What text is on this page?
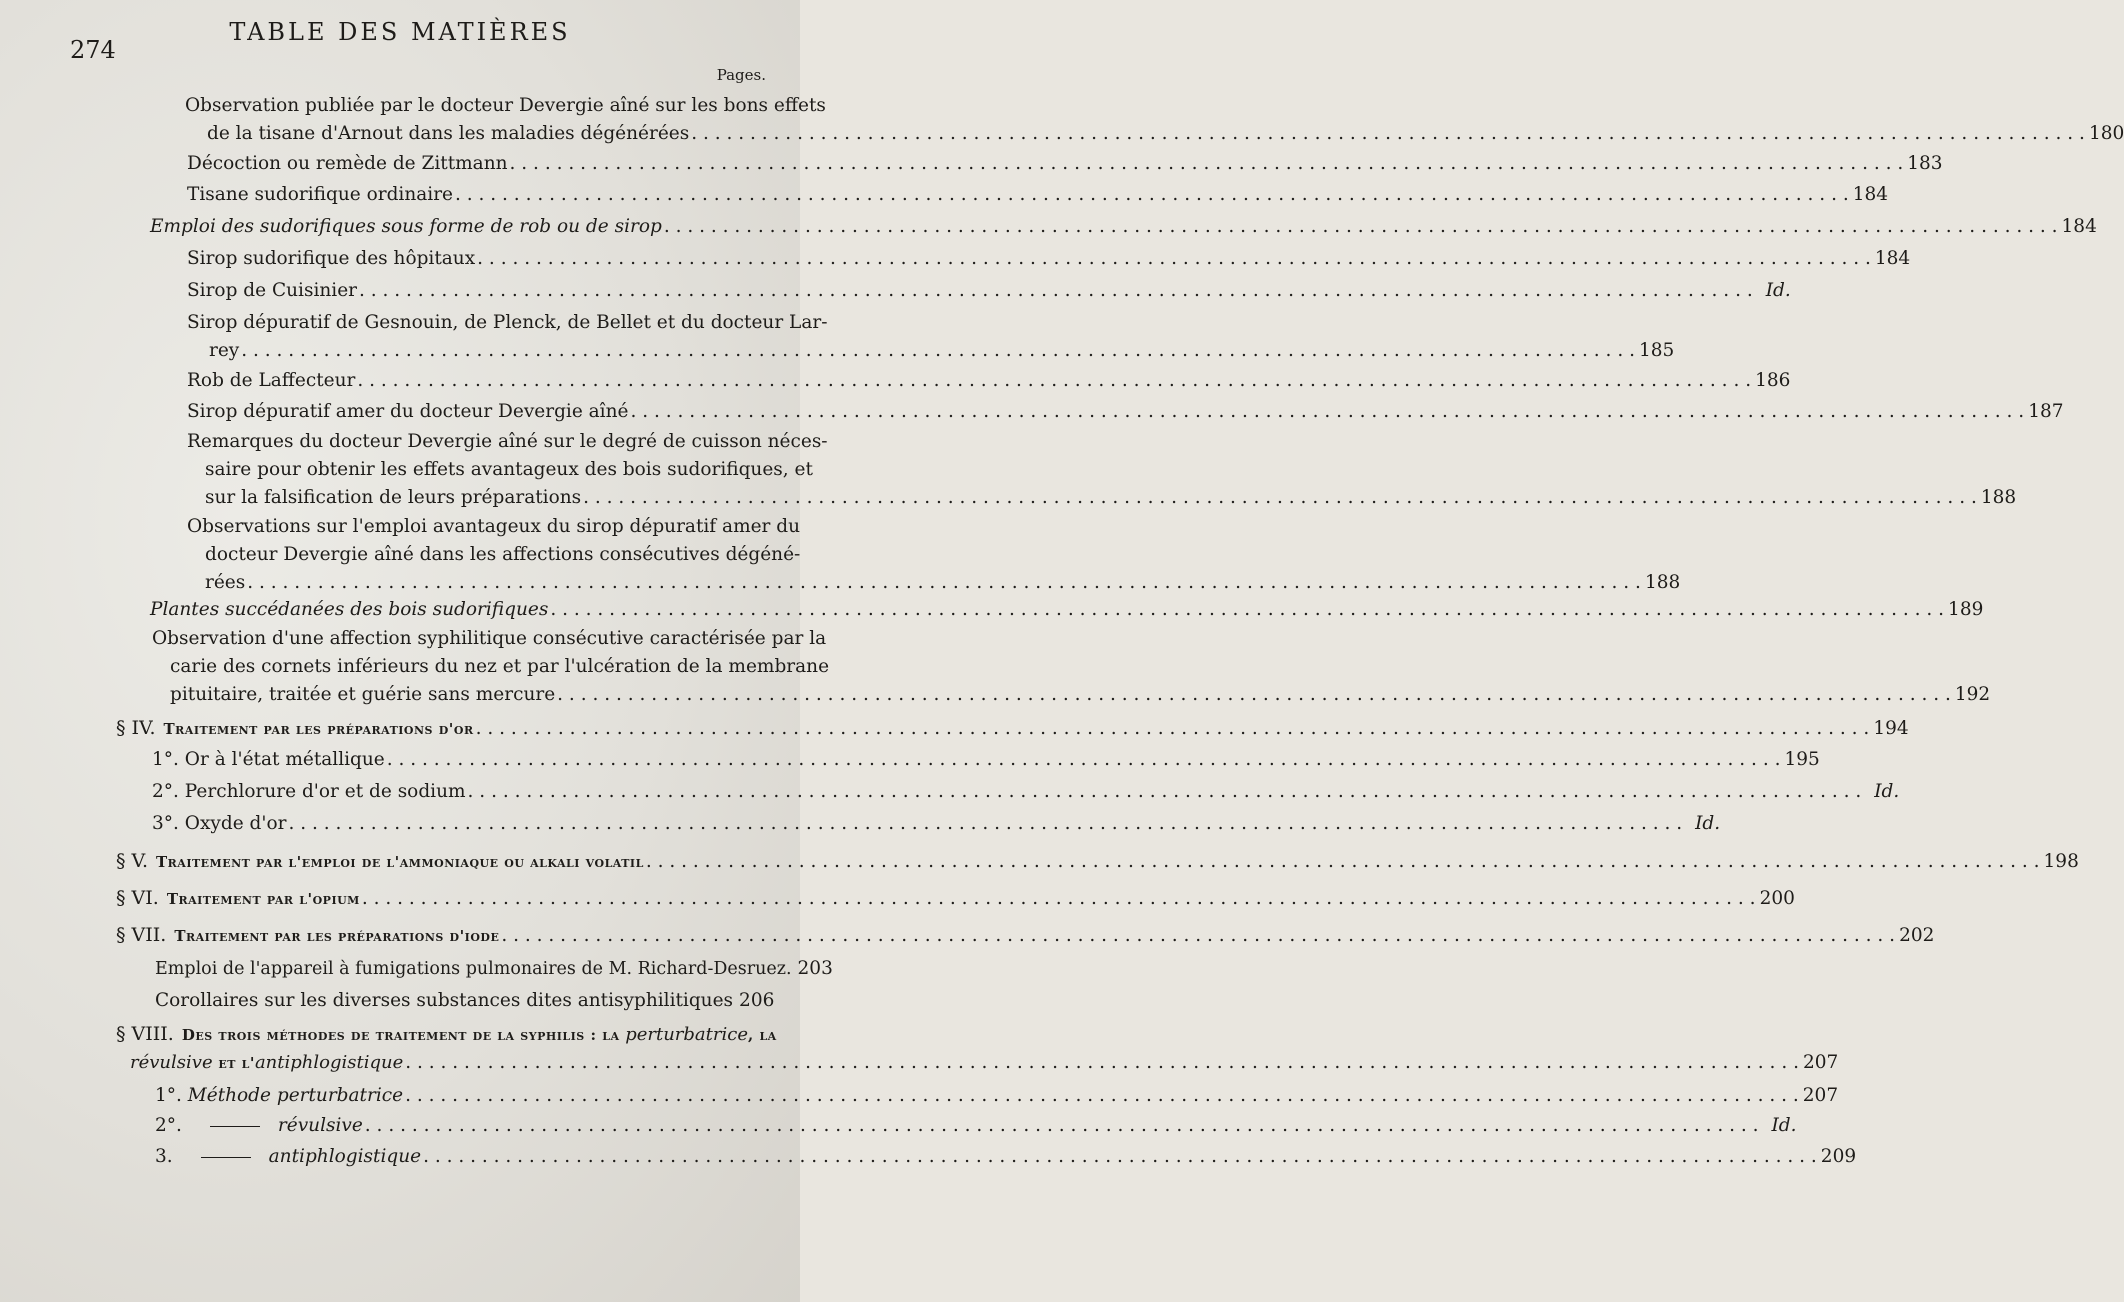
274
TABLE DES MATIÈRES
Pages.
Observation publiée par le docteur Devergie aîné sur les bons effets
de la tisane d'Arnout dans les maladies dégénérées . . .	180
Décoction ou remède de Zittmann . . .	183
Tisane sudorifique ordinaire . . .	184
Emploi des sudorifiques sous forme de rob ou de sirop . . .	184
Sirop sudorifique des hôpitaux . . .	184
Sirop de Cuisinier . . .	Id.
Sirop dépuratif de Gesnouin, de Plenck, de Bellet et du docteur Lar-
rey . . .	185
Rob de Laffecteur . . .	186
Sirop dépuratif amer du docteur Devergie aîné . . .	187
Remarques du docteur Devergie aîné sur le degré de cuisson néces-
saire pour obtenir les effets avantageux des bois sudorifiques, et
sur la falsification de leurs préparations . . .	188
Observations sur l'emploi avantageux du sirop dépuratif amer du
docteur Devergie aîné dans les affections consécutives dégéné-
rées . . .	188
Plantes succédanées des bois sudorifiques . . .	189
Observation d'une affection syphilitique consécutive caractérisée par la
carie des cornets inférieurs du nez et par l'ulcération de la membrane
pituitaire, traitée et guérie sans mercure . . .	192
§ IV. Traitement par les préparations d'or . . .	194
1°. Or à l'état métallique . . .	195
2°. Perchlorure d'or et de sodium . . .	Id.
3°. Oxyde d'or . . .	Id.
§ V. Traitement par l'emploi de l'ammoniaque ou alkali volatil . . .	198
§ VI. Traitement par l'opium . . .	200
§ VII. Traitement par les préparations d'iode . . .	202
Emploi de l'appareil à fumigations pulmonaires de M. Richard-Desruez. 203
Corollaires sur les diverses substances dites antisyphilitiques 206
§ VIII. Des trois méthodes de traitement de la syphilis : la perturbatrice, la
révulsive et l'antiphlogistique . . .	207
1°. Méthode perturbatrice . . .	207
2°.	révulsive . . .	Id.
3.	antiphlogistique . . .	209
